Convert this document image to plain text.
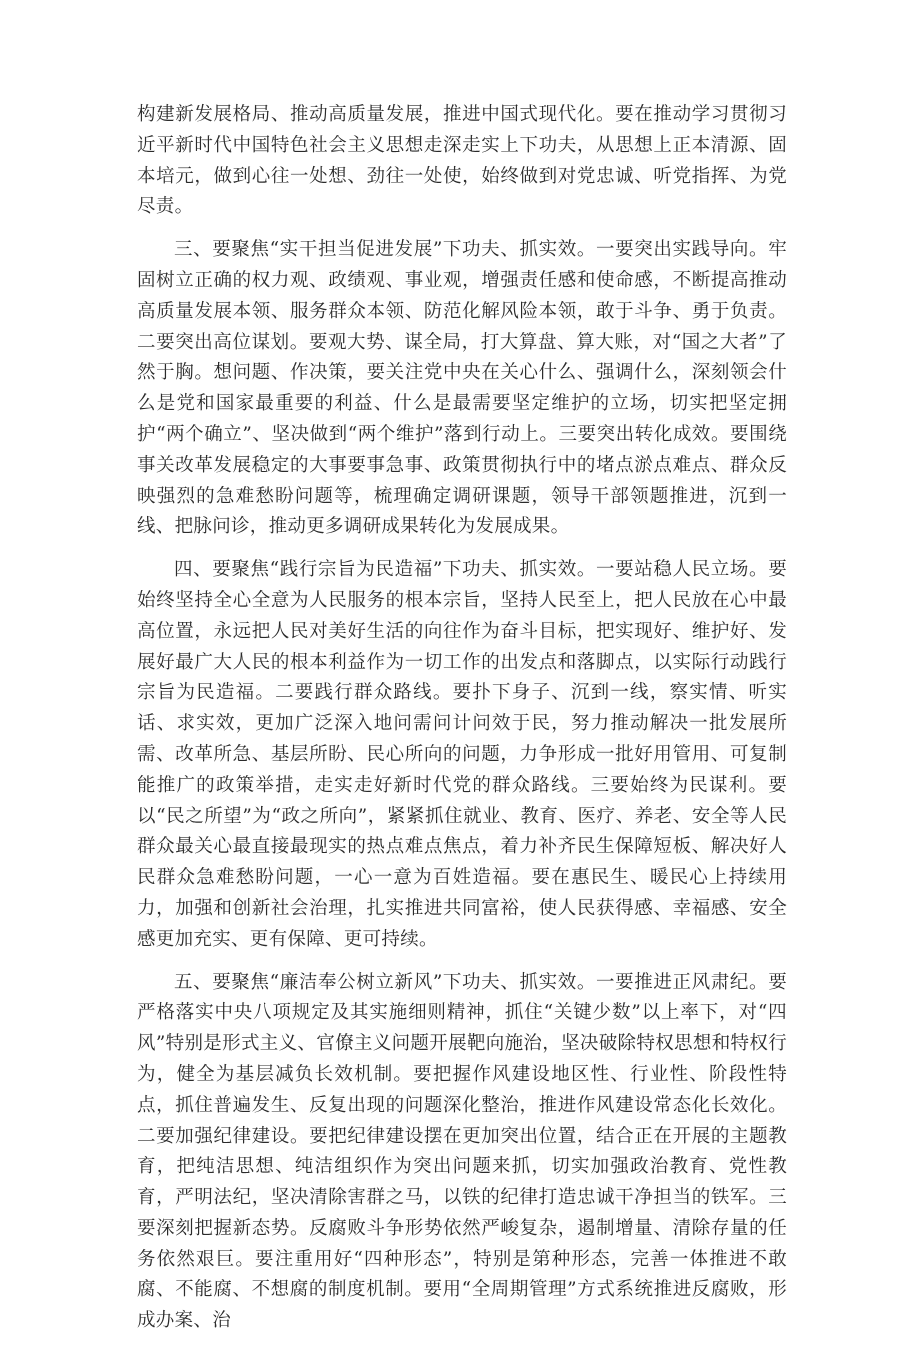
构建新发展格局、推动高质量发展，推进中国式现代化。要在推动学习贯彻习近平新时代中国特色社会主义思想走深走实上下功夫，从思想上正本清源、固本培元，做到心往一处想、劲往一处使，始终做到对党忠诚、听党指挥、为党尽责。

三、要聚焦“实干担当促进发展”下功夫、抓实效。一要突出实践导向。牢固树立正确的权力观、政绩观、事业观，增强责任感和使命感，不断提高推动高质量发展本领、服务群众本领、防范化解风险本领，敢于斗争、勇于负责。二要突出高位谋划。要观大势、谋全局，打大算盘、算大账，对“国之大者”了然于胸。想问题、作决策，要关注党中央在关心什么、强调什么，深刻领会什么是党和国家最重要的利益、什么是最需要坚定维护的立场，切实把坚定拥护“两个确立”、坚决做到“两个维护”落到行动上。三要突出转化成效。要围绕事关改革发展稳定的大事要事急事、政策贯彻执行中的堵点淤点难点、群众反映强烈的急难愁盼问题等，梳理确定调研课题，领导干部领题推进，沉到一线、把脉问诊，推动更多调研成果转化为发展成果。

四、要聚焦“践行宗旨为民造福”下功夫、抓实效。一要站稳人民立场。要始终坚持全心全意为人民服务的根本宗旨，坚持人民至上，把人民放在心中最高位置，永远把人民对美好生活的向往作为奋斗目标，把实现好、维护好、发展好最广大人民的根本利益作为一切工作的出发点和落脚点，以实际行动践行宗旨为民造福。二要践行群众路线。要扑下身子、沉到一线，察实情、听实话、求实效，更加广泛深入地问需问计问效于民，努力推动解决一批发展所需、改革所急、基层所盼、民心所向的问题，力争形成一批好用管用、可复制能推广的政策举措，走实走好新时代党的群众路线。三要始终为民谋利。要以“民之所望”为“政之所向”，紧紧抓住就业、教育、医疗、养老、安全等人民群众最关心最直接最现实的热点难点焦点，着力补齐民生保障短板、解决好人民群众急难愁盼问题，一心一意为百姓造福。要在惠民生、暖民心上持续用力，加强和创新社会治理，扎实推进共同富裕，使人民获得感、幸福感、安全感更加充实、更有保障、更可持续。

五、要聚焦“廉洁奉公树立新风”下功夫、抓实效。一要推进正风肃纪。要严格落实中央八项规定及其实施细则精神，抓住“关键少数”以上率下，对“四风”特别是形式主义、官僚主义问题开展靶向施治，坚决破除特权思想和特权行为，健全为基层减负长效机制。要把握作风建设地区性、行业性、阶段性特点，抓住普遍发生、反复出现的问题深化整治，推进作风建设常态化长效化。二要加强纪律建设。要把纪律建设摆在更加突出位置，结合正在开展的主题教育，把纯洁思想、纯洁组织作为突出问题来抓，切实加强政治教育、党性教育，严明法纪，坚决清除害群之马，以铁的纪律打造忠诚干净担当的铁军。三要深刻把握新态势。反腐败斗争形势依然严峻复杂，遏制增量、清除存量的任务依然艰巨。要注重用好“四种形态”，特别是第种形态，完善一体推进不敢腐、不能腐、不想腐的制度机制。要用“全周期管理”方式系统推进反腐败，形成办案、治
